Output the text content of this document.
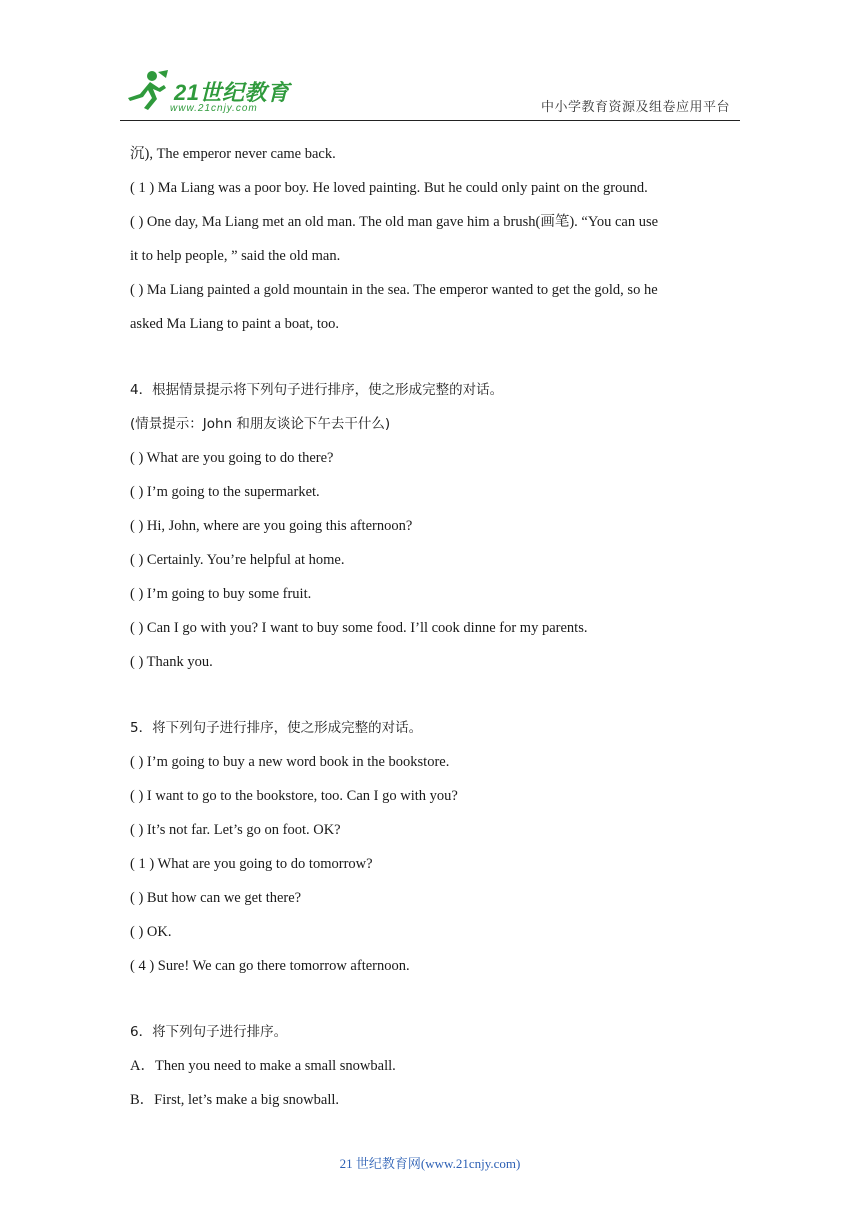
21世纪教育
www.21cnjy.com	中小学教育资源及组卷应用平台
沉), The emperor never came back.
( 1 ) Ma Liang was a poor boy. He loved painting. But he could only paint on the ground.
( ) One day, Ma Liang met an old man. The old man gave him a brush(画笔). “You can use
it to help people, ” said the old man.
( ) Ma Liang painted a gold mountain in the sea. The emperor wanted to get the gold, so he
asked Ma Liang to paint a boat, too.
4．根据情景提示将下列句子进行排序，使之形成完整的对话。
(情景提示：John 和朋友谈论下午去干什么)
( ) What are you going to do there?
( ) I’m going to the supermarket.
( ) Hi, John, where are you going this afternoon?
( ) Certainly. You’re helpful at home.
( ) I’m going to buy some fruit.
( ) Can I go with you? I want to buy some food. I’ll cook dinne for my parents.
( ) Thank you.
5．将下列句子进行排序，使之形成完整的对话。
( ) I’m going to buy a new word book in the bookstore.
( ) I want to go to the bookstore, too. Can I go with you?
( ) It’s not far. Let’s go on foot. OK?
( 1 ) What are you going to do tomorrow?
( ) But how can we get there?
( ) OK.
( 4 ) Sure! We can go there tomorrow afternoon.
6．将下列句子进行排序。
A．Then you need to make a small snowball.
B．First, let’s make a big snowball.
21 世纪教育网(www.21cnjy.com)
